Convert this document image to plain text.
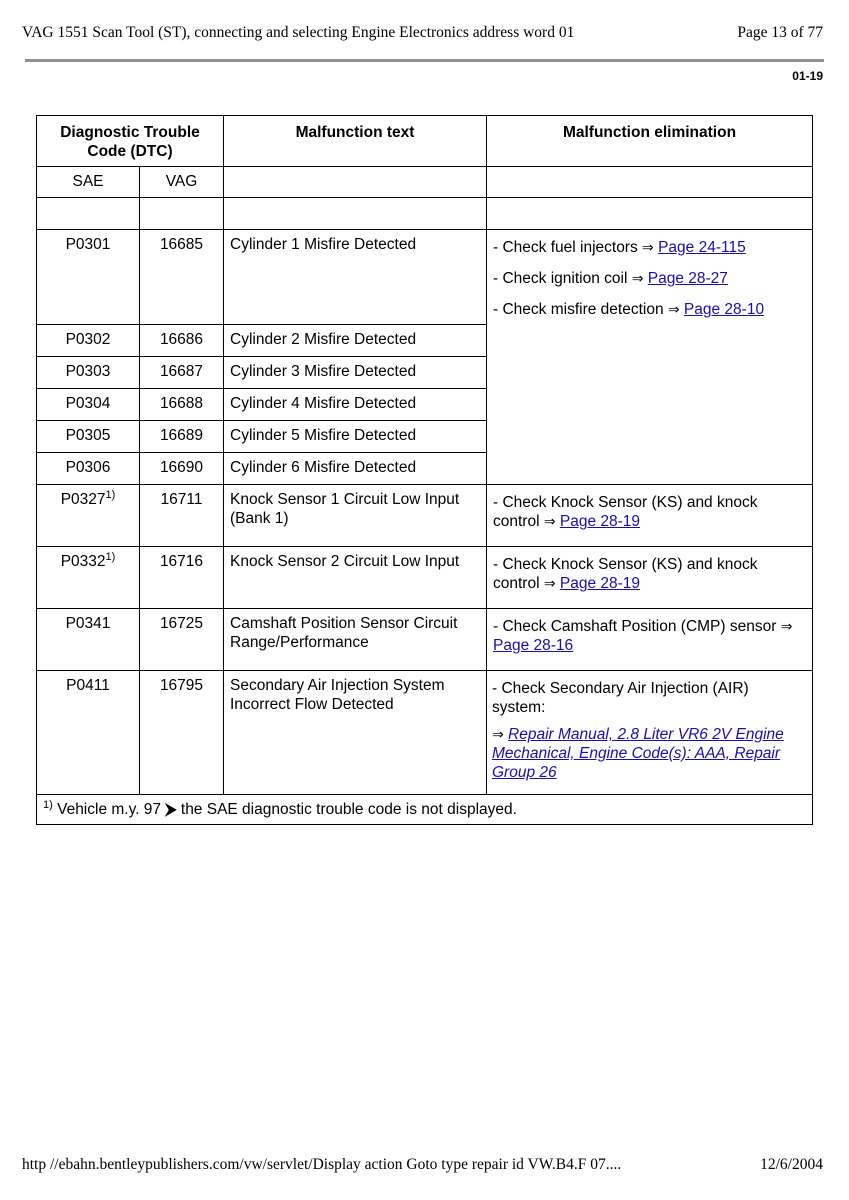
VAG 1551 Scan Tool (ST), connecting and selecting Engine Electronics address word 01	Page 13 of 77
01-19
Diagnostic Trouble Code (DTC)		Malfunction text	Malfunction elimination
SAE	VAG		

P0301	16685	Cylinder 1 Misfire Detected	- Check fuel injectors ⇒ Page 24-115

- Check ignition coil ⇒ Page 28-27

- Check misfire detection ⇒ Page 28-10

P0302	16686	Cylinder 2 Misfire Detected	
P0303	16687	Cylinder 3 Misfire Detected	
P0304	16688	Cylinder 4 Misfire Detected	
P0305	16689	Cylinder 5 Misfire Detected	
P0306	16690	Cylinder 6 Misfire Detected	
P0327$^{1)}$	16711	Knock Sensor 1 Circuit Low Input (Bank 1)	- Check Knock Sensor (KS) and knock control ⇒ Page 28-19
P0332$^{1)}$	16716	Knock Sensor 2 Circuit Low Input	- Check Knock Sensor (KS) and knock control ⇒ Page 28-19
P0341	16725	Camshaft Position Sensor Circuit Range/Performance	- Check Camshaft Position (CMP) sensor ⇒ Page 28-16
P0411	16795	Secondary Air Injection System Incorrect Flow Detected	- Check Secondary Air Injection (AIR) system:

⇒ Repair Manual, 2.8 Liter VR6 2V Engine Mechanical, Engine Code(s): AAA, Repair Group 26

$^{1)}$ Vehicle m.y. 97 ⮞ the SAE diagnostic trouble code is not displayed.			
http //ebahn.bentleypublishers.com/vw/servlet/Display action Goto type repair id VW.B4.F 07....	12/6/2004
